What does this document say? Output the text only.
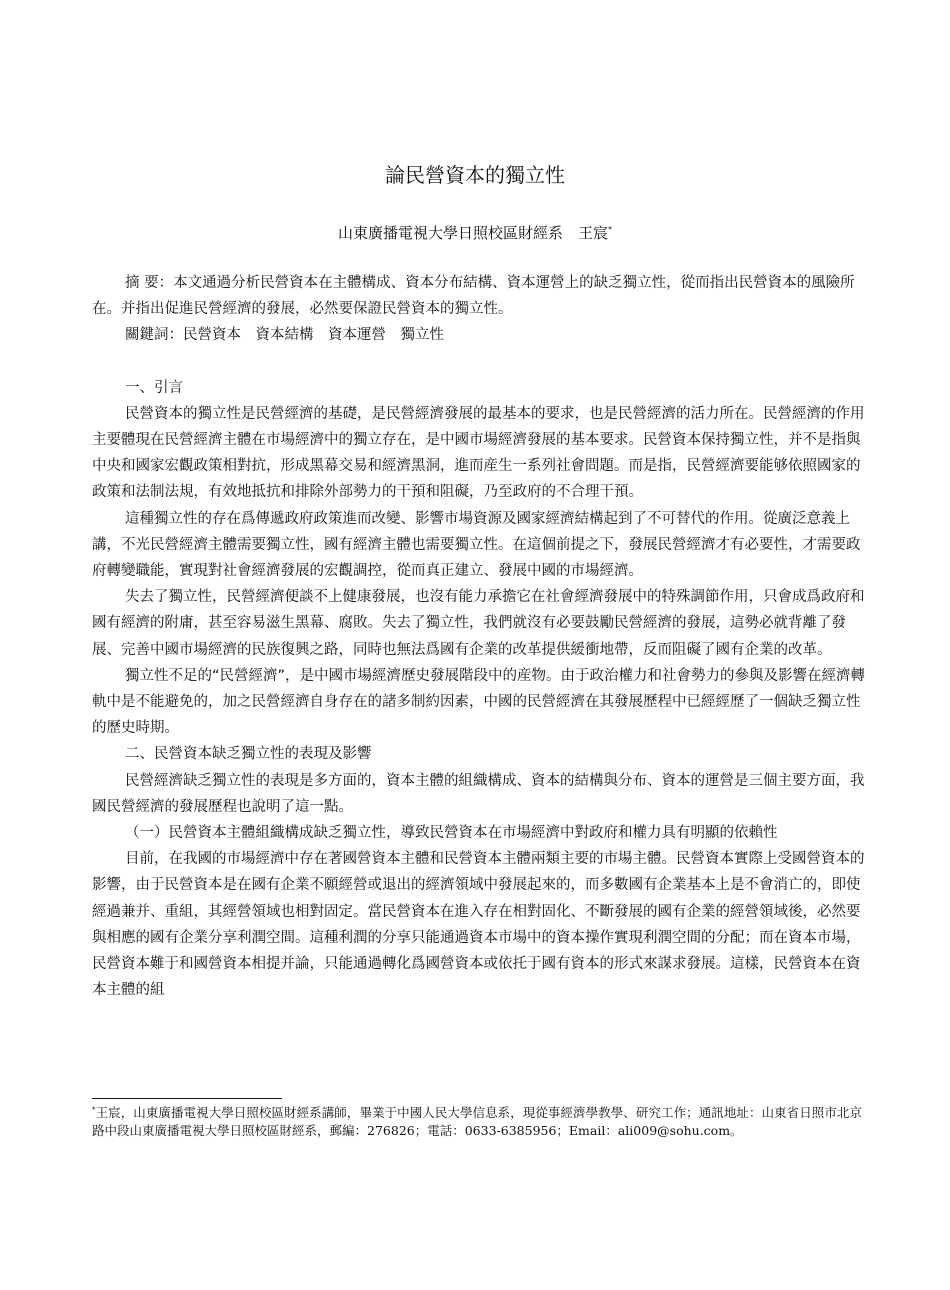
論民營資本的獨立性
山東廣播電視大學日照校區財經系　王宸*

摘 要：本文通過分析民營資本在主體構成、資本分布結構、資本運營上的缺乏獨立性，從而指出民營資本的風險所在。并指出促進民營經濟的發展，必然要保證民營資本的獨立性。

關鍵詞：民營資本　資本結構　資本運營　獨立性

一、引言

民營資本的獨立性是民營經濟的基礎，是民營經濟發展的最基本的要求，也是民營經濟的活力所在。民營經濟的作用主要體現在民營經濟主體在市場經濟中的獨立存在，是中國市場經濟發展的基本要求。民營資本保持獨立性，并不是指與中央和國家宏觀政策相對抗，形成黑幕交易和經濟黑洞，進而産生一系列社會問題。而是指，民營經濟要能够依照國家的政策和法制法規，有效地抵抗和排除外部勢力的干預和阻礙，乃至政府的不合理干預。

這種獨立性的存在爲傳遞政府政策進而改變、影響市場資源及國家經濟結構起到了不可替代的作用。從廣泛意義上講，不光民營經濟主體需要獨立性，國有經濟主體也需要獨立性。在這個前提之下，發展民營經濟才有必要性，才需要政府轉變職能，實現對社會經濟發展的宏觀調控，從而真正建立、發展中國的市場經濟。

失去了獨立性，民營經濟便談不上健康發展，也沒有能力承擔它在社會經濟發展中的特殊調節作用，只會成爲政府和國有經濟的附庸，甚至容易滋生黑幕、腐敗。失去了獨立性，我們就沒有必要鼓勵民營經濟的發展，這勢必就背離了發展、完善中國市場經濟的民族復興之路，同時也無法爲國有企業的改革提供緩衝地帶，反而阻礙了國有企業的改革。

獨立性不足的“民營經濟”，是中國市場經濟歷史發展階段中的産物。由于政治權力和社會勢力的參與及影響在經濟轉軌中是不能避免的，加之民營經濟自身存在的諸多制約因素，中國的民營經濟在其發展歷程中已經經歷了一個缺乏獨立性的歷史時期。

二、民營資本缺乏獨立性的表現及影響

民營經濟缺乏獨立性的表現是多方面的，資本主體的組織構成、資本的結構與分布、資本的運營是三個主要方面，我國民營經濟的發展歷程也說明了這一點。

（一）民營資本主體組織構成缺乏獨立性，導致民營資本在市場經濟中對政府和權力具有明顯的依賴性

目前，在我國的市場經濟中存在著國營資本主體和民營資本主體兩類主要的市場主體。民營資本實際上受國營資本的影響，由于民營資本是在國有企業不願經營或退出的經濟領域中發展起來的，而多數國有企業基本上是不會消亡的，即使經過兼并、重組，其經營領域也相對固定。當民營資本在進入存在相對固化、不斷發展的國有企業的經營領域後，必然要與相應的國有企業分享利潤空間。這種利潤的分享只能通過資本市場中的資本操作實現利潤空間的分配；而在資本市場，民營資本難于和國營資本相提并論，只能通過轉化爲國營資本或依托于國有資本的形式來謀求發展。這樣，民營資本在資本主體的組

*王宸，山東廣播電視大學日照校區財經系講師，畢業于中國人民大學信息系，現從事經濟學教學、研究工作；通訊地址：山東省日照市北京路中段山東廣播電視大學日照校區財經系，郵編：276826；電話：0633-6385956；Email：ali009@sohu.com。
